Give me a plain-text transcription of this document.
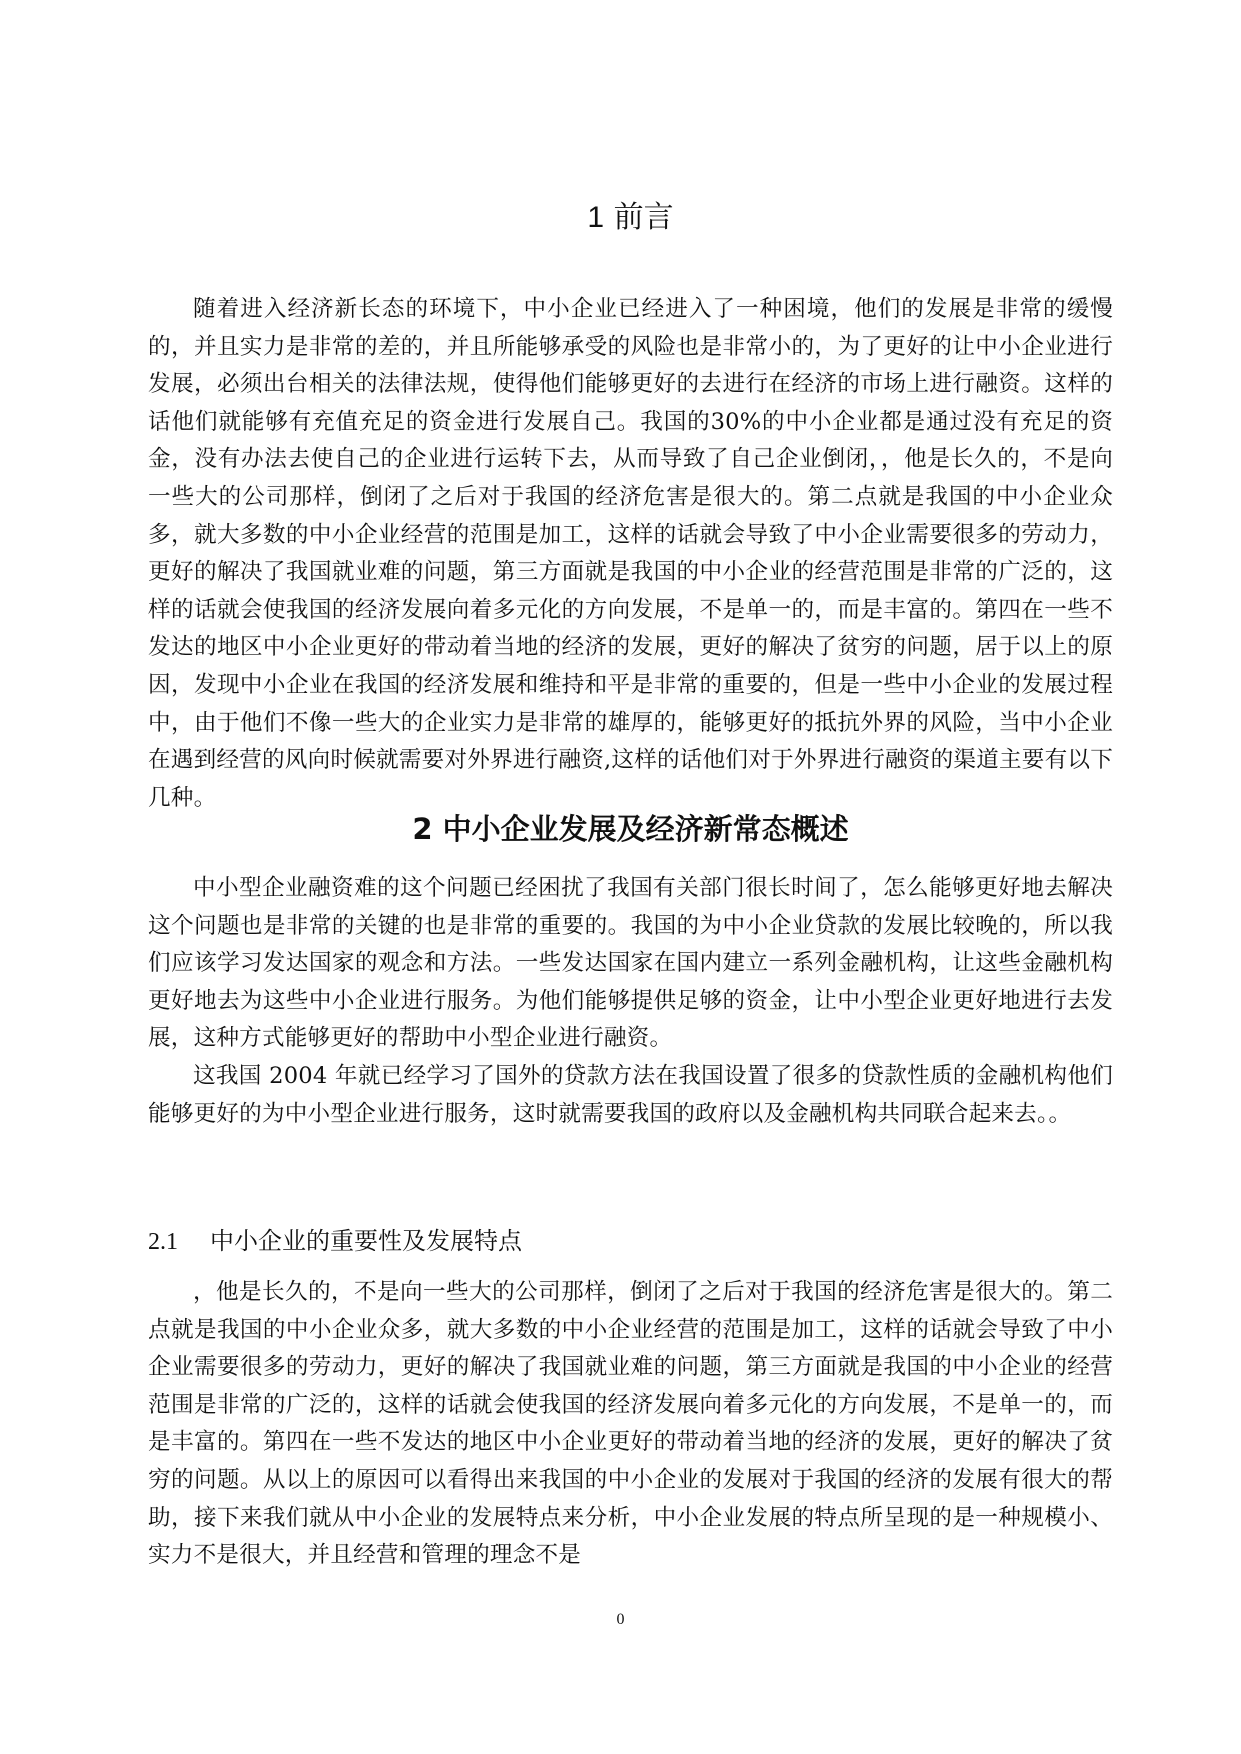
1 前言

随着进入经济新长态的环境下，中小企业已经进入了一种困境，他们的发展是非常的缓慢的，并且实力是非常的差的，并且所能够承受的风险也是非常小的，为了更好的让中小企业进行发展，必须出台相关的法律法规，使得他们能够更好的去进行在经济的市场上进行融资。这样的话他们就能够有充值充足的资金进行发展自己。我国的30%的中小企业都是通过没有充足的资金，没有办法去使自己的企业进行运转下去，从而导致了自己企业倒闭，，他是长久的，不是向一些大的公司那样，倒闭了之后对于我国的经济危害是很大的。第二点就是我国的中小企业众多，就大多数的中小企业经营的范围是加工，这样的话就会导致了中小企业需要很多的劳动力，更好的解决了我国就业难的问题，第三方面就是我国的中小企业的经营范围是非常的广泛的，这样的话就会使我国的经济发展向着多元化的方向发展，不是单一的，而是丰富的。第四在一些不发达的地区中小企业更好的带动着当地的经济的发展，更好的解决了贫穷的问题，居于以上的原因，发现中小企业在我国的经济发展和维持和平是非常的重要的，但是一些中小企业的发展过程中，由于他们不像一些大的企业实力是非常的雄厚的，能够更好的抵抗外界的风险，当中小企业在遇到经营的风向时候就需要对外界进行融资,这样的话他们对于外界进行融资的渠道主要有以下几种。

2 中小企业发展及经济新常态概述

中小型企业融资难的这个问题已经困扰了我国有关部门很长时间了，怎么能够更好地去解决这个问题也是非常的关键的也是非常的重要的。我国的为中小企业贷款的发展比较晚的，所以我们应该学习发达国家的观念和方法。一些发达国家在国内建立一系列金融机构，让这些金融机构更好地去为这些中小企业进行服务。为他们能够提供足够的资金，让中小型企业更好地进行去发展，这种方式能够更好的帮助中小型企业进行融资。

这我国 2004 年就已经学习了国外的贷款方法在我国设置了很多的贷款性质的金融机构他们能够更好的为中小型企业进行服务，这时就需要我国的政府以及金融机构共同联合起来去。。

2.1 中小企业的重要性及发展特点

，他是长久的，不是向一些大的公司那样，倒闭了之后对于我国的经济危害是很大的。第二点就是我国的中小企业众多，就大多数的中小企业经营的范围是加工，这样的话就会导致了中小企业需要很多的劳动力，更好的解决了我国就业难的问题，第三方面就是我国的中小企业的经营范围是非常的广泛的，这样的话就会使我国的经济发展向着多元化的方向发展，不是单一的，而是丰富的。第四在一些不发达的地区中小企业更好的带动着当地的经济的发展，更好的解决了贫穷的问题。从以上的原因可以看得出来我国的中小企业的发展对于我国的经济的发展有很大的帮助，接下来我们就从中小企业的发展特点来分析，中小企业发展的特点所呈现的是一种规模小、实力不是很大，并且经营和管理的理念不是

0
